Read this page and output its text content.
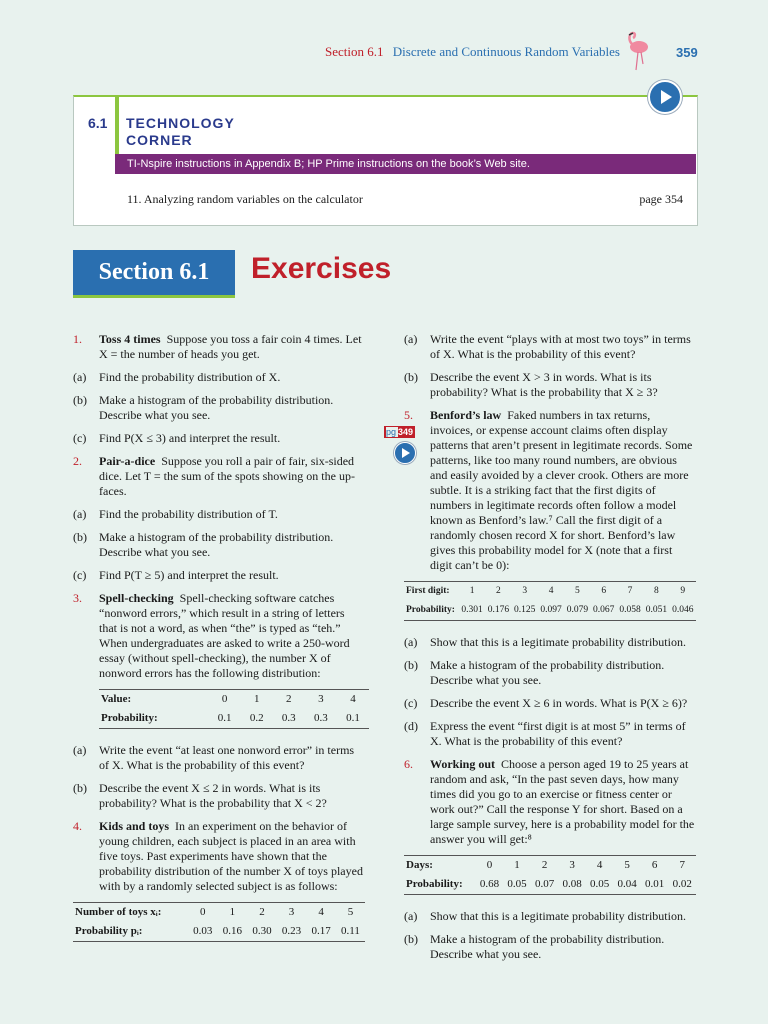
Section 6.1 Discrete and Continuous Random Variables	359
6.1 TECHNOLOGY
CORNER
TI-Nspire instructions in Appendix B; HP Prime instructions on the book’s Web site.
11. Analyzing random variables on the calculator	page 354
Section 6.1	Exercises
1. Toss 4 times Suppose you toss a fair coin 4 times. Let X = the number of heads you get.
(a) Find the probability distribution of X.
(b) Make a histogram of the probability distribution. Describe what you see.
(c) Find P(X ≤ 3) and interpret the result.
2. Pair-a-dice Suppose you roll a pair of fair, six-sided dice. Let T = the sum of the spots showing on the up-faces.
(a) Find the probability distribution of T.
(b) Make a histogram of the probability distribution. Describe what you see.
(c) Find P(T ≥ 5) and interpret the result.
3. Spell-checking Spell-checking software catches “nonword errors,” which result in a string of letters that is not a word, as when “the” is typed as “teh.” When undergraduates are asked to write a 250-word essay (without spell-checking), the number X of nonword errors has the following distribution:
Value:	0	1	2	3	4
Probability:	0.1	0.2	0.3	0.3	0.1
(a) Write the event “at least one nonword error” in terms of X. What is the probability of this event?
(b) Describe the event X ≤ 2 in words. What is its probability? What is the probability that X < 2?
4. Kids and toys In an experiment on the behavior of young children, each subject is placed in an area with five toys. Past experiments have shown that the probability distribution of the number X of toys played with by a randomly selected subject is as follows:
Number of toys xᵢ:	0	1	2	3	4	5
Probability pᵢ:	0.03	0.16	0.30	0.23	0.17	0.11
(a) Write the event “plays with at most two toys” in terms of X. What is the probability of this event?
(b) Describe the event X > 3 in words. What is its probability? What is the probability that X ≥ 3?
5. Benford’s law Faked numbers in tax returns, invoices, or expense account claims often display patterns that aren’t present in legitimate records. Some patterns, like too many round numbers, are obvious and easily avoided by a clever crook. Others are more subtle. It is a striking fact that the first digits of numbers in legitimate records often follow a model known as Benford’s law.⁷ Call the first digit of a randomly chosen record X for short. Benford’s law gives this probability model for X (note that a first digit can’t be 0):
First digit:	1	2	3	4	5	6	7	8	9
Probability:	0.301	0.176	0.125	0.097	0.079	0.067	0.058	0.051	0.046
(a) Show that this is a legitimate probability distribution.
(b) Make a histogram of the probability distribution. Describe what you see.
(c) Describe the event X ≥ 6 in words. What is P(X ≥ 6)?
(d) Express the event “first digit is at most 5” in terms of X. What is the probability of this event?
6. Working out Choose a person aged 19 to 25 years at random and ask, “In the past seven days, how many times did you go to an exercise or fitness center or work out?” Call the response Y for short. Based on a large sample survey, here is a probability model for the answer you will get:⁸
Days:	0	1	2	3	4	5	6	7
Probability:	0.68	0.05	0.07	0.08	0.05	0.04	0.01	0.02
(a) Show that this is a legitimate probability distribution.
(b) Make a histogram of the probability distribution. Describe what you see.
pg 349
